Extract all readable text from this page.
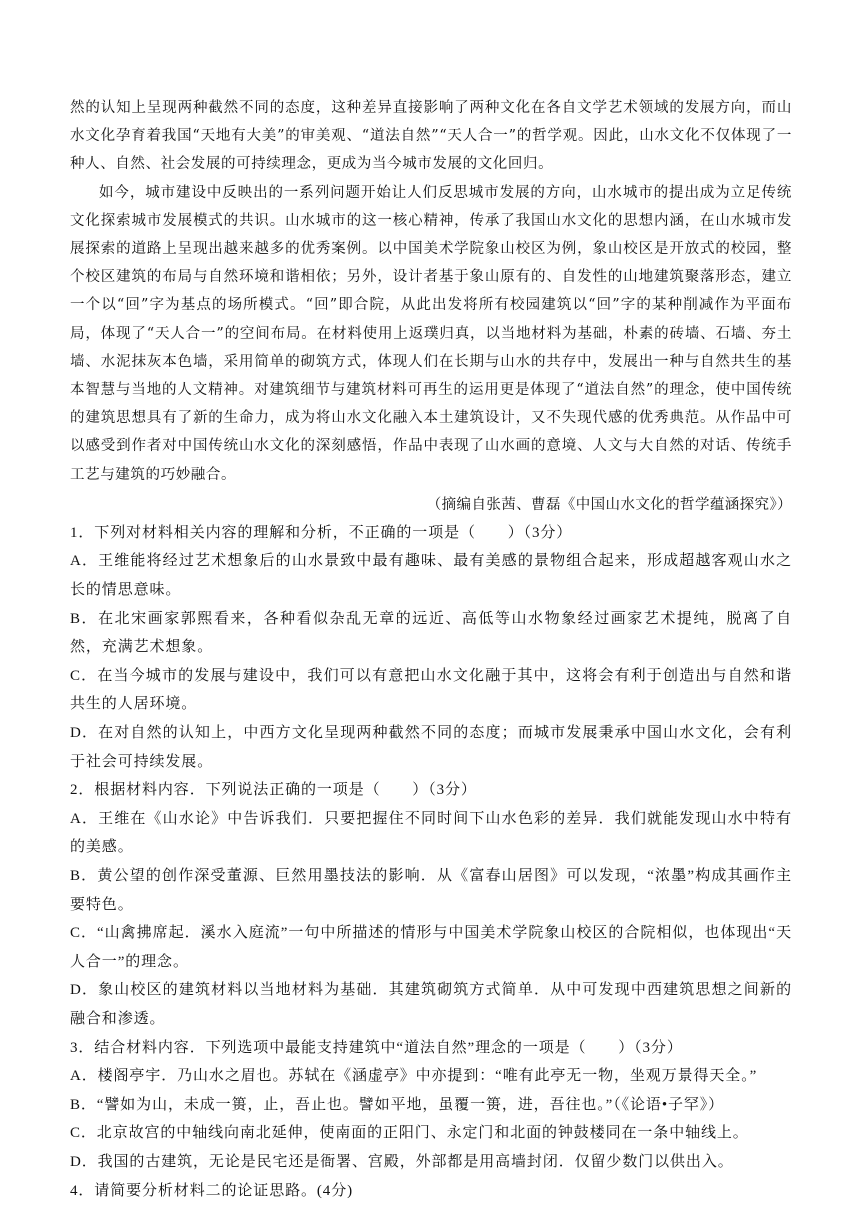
然的认知上呈现两种截然不同的态度，这种差异直接影响了两种文化在各自文学艺术领域的发展方向，而山水文化孕育着我国“天地有大美”的审美观、“道法自然”“天人合一”的哲学观。因此，山水文化不仅体现了一种人、自然、社会发展的可持续理念，更成为当今城市发展的文化回归。

如今，城市建设中反映出的一系列问题开始让人们反思城市发展的方向，山水城市的提出成为立足传统文化探索城市发展模式的共识。山水城市的这一核心精神，传承了我国山水文化的思想内涵，在山水城市发展探索的道路上呈现出越来越多的优秀案例。以中国美术学院象山校区为例，象山校区是开放式的校园，整个校区建筑的布局与自然环境和谐相依；另外，设计者基于象山原有的、自发性的山地建筑聚落形态，建立一个以“回”字为基点的场所模式。“回”即合院，从此出发将所有校园建筑以“回”字的某种削减作为平面布局，体现了“天人合一”的空间布局。在材料使用上返璞归真，以当地材料为基础，朴素的砖墙、石墙、夯土墙、水泥抹灰本色墙，采用简单的砌筑方式，体现人们在长期与山水的共存中，发展出一种与自然共生的基本智慧与当地的人文精神。对建筑细节与建筑材料可再生的运用更是体现了“道法自然”的理念，使中国传统的建筑思想具有了新的生命力，成为将山水文化融入本土建筑设计，又不失现代感的优秀典范。从作品中可以感受到作者对中国传统山水文化的深刻感悟，作品中表现了山水画的意境、人文与大自然的对话、传统手工艺与建筑的巧妙融合。

（摘编自张茜、曹磊《中国山水文化的哲学蕴涵探究》）

1．下列对材料相关内容的理解和分析，不正确的一项是（　　）（3分）

A．王维能将经过艺术想象后的山水景致中最有趣味、最有美感的景物组合起来，形成超越客观山水之长的情思意味。

B．在北宋画家郭熙看来，各种看似杂乱无章的远近、高低等山水物象经过画家艺术提纯，脱离了自然，充满艺术想象。

C．在当今城市的发展与建设中，我们可以有意把山水文化融于其中，这将会有利于创造出与自然和谐共生的人居环境。

D．在对自然的认知上，中西方文化呈现两种截然不同的态度；而城市发展秉承中国山水文化，会有利于社会可持续发展。

2．根据材料内容．下列说法正确的一项是（　　）（3分）

A．王维在《山水论》中告诉我们．只要把握住不同时间下山水色彩的差异．我们就能发现山水中特有的美感。

B．黄公望的创作深受董源、巨然用墨技法的影响．从《富春山居图》可以发现，“浓墨”构成其画作主要特色。

C．“山禽拂席起．溪水入庭流”一句中所描述的情形与中国美术学院象山校区的合院相似，也体现出“天人合一”的理念。

D．象山校区的建筑材料以当地材料为基础．其建筑砌筑方式简单．从中可发现中西建筑思想之间新的融合和渗透。

3．结合材料内容．下列选项中最能支持建筑中“道法自然”理念的一项是（　　）（3分）

A．楼阁亭宇．乃山水之眉也。苏轼在《涵虚亭》中亦提到：“唯有此亭无一物，坐观万景得天全。”

B．“譬如为山，未成一篑，止，吾止也。譬如平地，虽覆一篑，进，吾往也。”（《论语•子罕》）

C．北京故宫的中轴线向南北延伸，使南面的正阳门、永定门和北面的钟鼓楼同在一条中轴线上。

D．我国的古建筑，无论是民宅还是衙署、宫殿，外部都是用高墙封闭．仅留少数门以供出入。

4．请简要分析材料二的论证思路。(4分)
